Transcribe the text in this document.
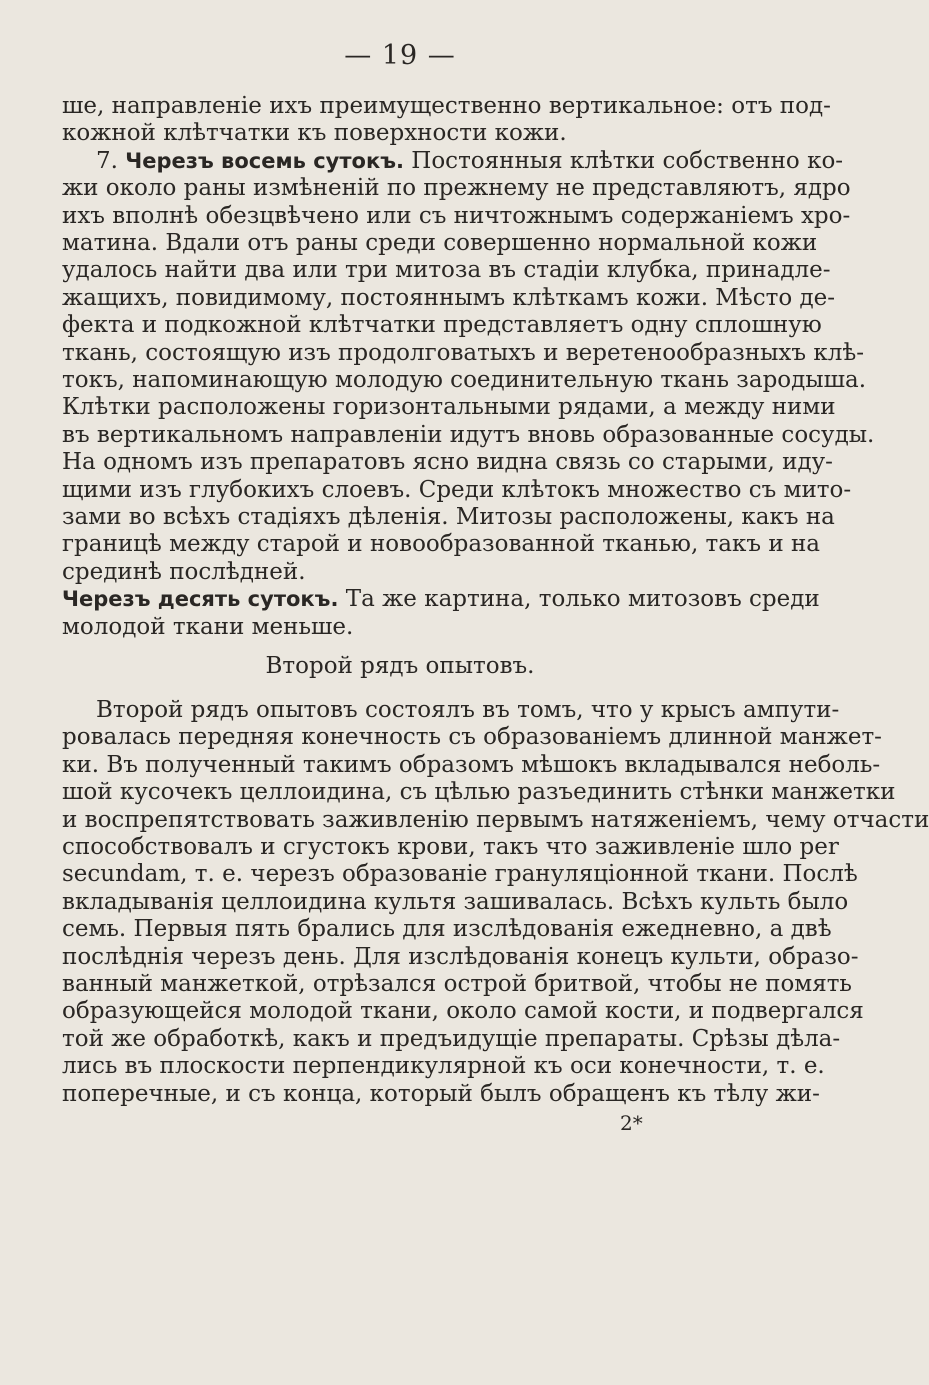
— 19 —
ше, направленіе ихъ преимущественно вертикальное: отъ под-
кожной клѣтчатки къ поверхности кожи.
7. Черезъ восемь сутокъ. Постоянныя клѣтки собственно ко-
жи около раны измѣненій по прежнему не представляютъ, ядро
ихъ вполнѣ обезцвѣчено или съ ничтожнымъ содержаніемъ хро-
матина. Вдали отъ раны среди совершенно нормальной кожи
удалось найти два или три митоза въ стадіи клубка, принадле-
жащихъ, повидимому, постояннымъ клѣткамъ кожи. Мѣсто де-
фекта и подкожной клѣтчатки представляетъ одну сплошную
ткань, состоящую изъ продолговатыхъ и веретенообразныхъ клѣ-
токъ, напоминающую молодую соединительную ткань зародыша.
Клѣтки расположены горизонтальными рядами, а между ними
въ вертикальномъ направленіи идутъ вновь образованные сосуды.
На одномъ изъ препаратовъ ясно видна связь со старыми, иду-
щими изъ глубокихъ слоевъ. Среди клѣтокъ множество съ мито-
зами во всѣхъ стадіяхъ дѣленія. Митозы расположены, какъ на
границѣ между старой и новообразованной тканью, такъ и на
срединѣ послѣдней.
Черезъ десять сутокъ. Та же картина, только митозовъ среди
молодой ткани меньше.
Второй рядъ опытовъ.
Второй рядъ опытовъ состоялъ въ томъ, что у крысъ ампути-
ровалась передняя конечность съ образованіемъ длинной манжет-
ки. Въ полученный такимъ образомъ мѣшокъ вкладывался неболь-
шой кусочекъ целлоидина, съ цѣлью разъединить стѣнки манжетки
и воспрепятствовать заживленію первымъ натяженіемъ, чему отчасти
способствовалъ и сгустокъ крови, такъ что заживленіе шло per
secundam, т. е. черезъ образованіе грануляціонной ткани. Послѣ
вкладыванія целлоидина культя зашивалась. Всѣхъ культь было
семь. Первыя пять брались для изслѣдованія ежедневно, а двѣ
послѣднія черезъ день. Для изслѣдованія конецъ культи, образо-
ванный манжеткой, отрѣзался острой бритвой, чтобы не помять
образующейся молодой ткани, около самой кости, и подвергался
той же обработкѣ, какъ и предъидущіе препараты. Срѣзы дѣла-
лись въ плоскости перпендикулярной къ оси конечности, т. е.
поперечные, и съ конца, который былъ обращенъ къ тѣлу жи-
2*
